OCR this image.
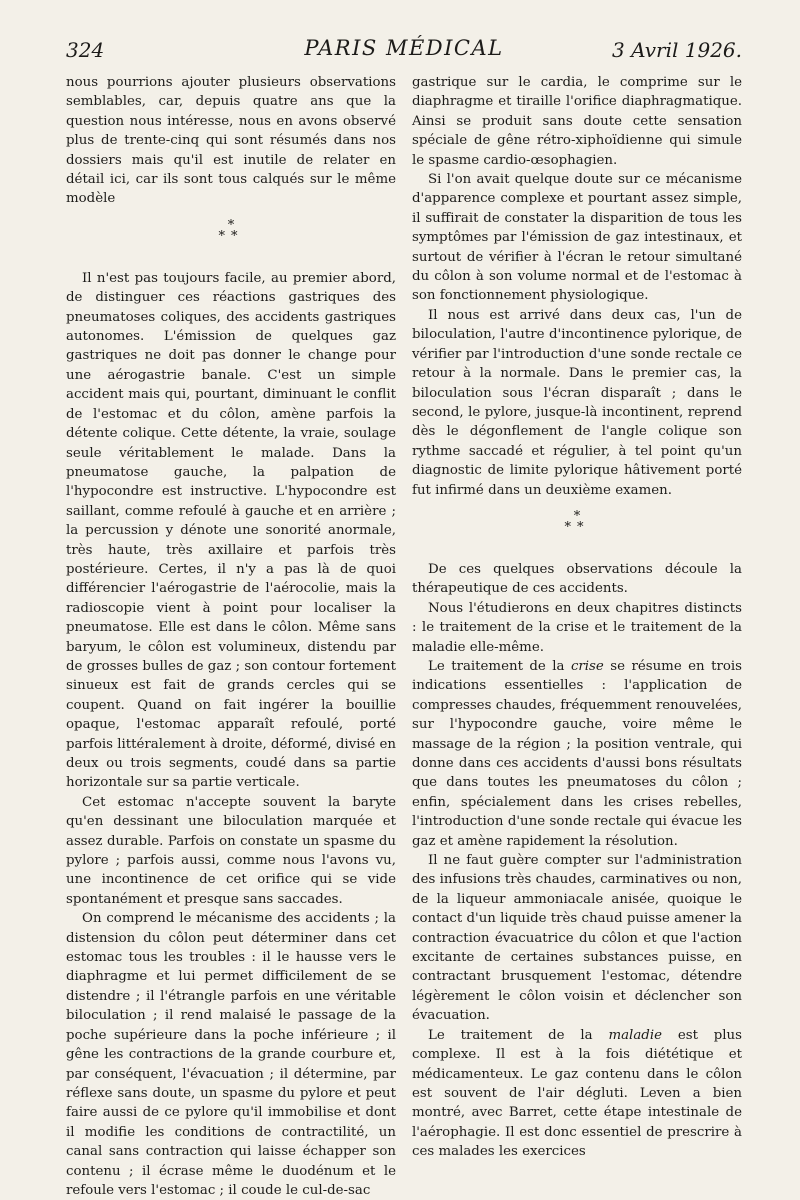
324	PARIS MÉDICAL	3 Avril 1926.

nous pourrions ajouter plusieurs observations semblables, car, depuis quatre ans que la question nous intéresse, nous en avons observé plus de trente-cinq qui sont résumés dans nos dossiers mais qu'il est inutile de relater en détail ici, car ils sont tous calqués sur le même modèle

*
**

Il n'est pas toujours facile, au premier abord, de distinguer ces réactions gastriques des pneumatoses coliques, des accidents gastriques autonomes. L'émission de quelques gaz gastriques ne doit pas donner le change pour une aérogastrie banale. C'est un simple accident mais qui, pourtant, diminuant le conflit de l'estomac et du côlon, amène parfois la détente colique. Cette détente, la vraie, soulage seule véritablement le malade. Dans la pneumatose gauche, la palpation de l'hypocondre est instructive. L'hypocondre est saillant, comme refoulé à gauche et en arrière ; la percussion y dénote une sonorité anormale, très haute, très axillaire et parfois très postérieure. Certes, il n'y a pas là de quoi différencier l'aérogastrie de l'aérocolie, mais la radioscopie vient à point pour localiser la pneumatose. Elle est dans le côlon. Même sans baryum, le côlon est volumineux, distendu par de grosses bulles de gaz ; son contour fortement sinueux est fait de grands cercles qui se coupent. Quand on fait ingérer la bouillie opaque, l'estomac apparaît refoulé, porté parfois littéralement à droite, déformé, divisé en deux ou trois segments, coudé dans sa partie horizontale sur sa partie verticale.

Cet estomac n'accepte souvent la baryte qu'en dessinant une biloculation marquée et assez durable. Parfois on constate un spasme du pylore ; parfois aussi, comme nous l'avons vu, une incontinence de cet orifice qui se vide spontanément et presque sans saccades.

On comprend le mécanisme des accidents ; la distension du côlon peut déterminer dans cet estomac tous les troubles : il le hausse vers le diaphragme et lui permet difficilement de se distendre ; il l'étrangle parfois en une véritable biloculation ; il rend malaisé le passage de la poche supérieure dans la poche inférieure ; il gêne les contractions de la grande courbure et, par conséquent, l'évacuation ; il détermine, par réflexe sans doute, un spasme du pylore et peut faire aussi de ce pylore qu'il immobilise et dont il modifie les conditions de contractilité, un canal sans contraction qui laisse échapper son contenu ; il écrase même le duodénum et le refoule vers l'estomac ; il coude le cul-de-sac

gastrique sur le cardia, le comprime sur le diaphragme et tiraille l'orifice diaphragmatique. Ainsi se produit sans doute cette sensation spéciale de gêne rétro-xiphoïdienne qui simule le spasme cardio-œsophagien.

Si l'on avait quelque doute sur ce mécanisme d'apparence complexe et pourtant assez simple, il suffirait de constater la disparition de tous les symptômes par l'émission de gaz intestinaux, et surtout de vérifier à l'écran le retour simultané du côlon à son volume normal et de l'estomac à son fonctionnement physiologique.

Il nous est arrivé dans deux cas, l'un de biloculation, l'autre d'incontinence pylorique, de vérifier par l'introduction d'une sonde rectale ce retour à la normale. Dans le premier cas, la biloculation sous l'écran disparaît ; dans le second, le pylore, jusque-là incontinent, reprend dès le dégonflement de l'angle colique son rythme saccadé et régulier, à tel point qu'un diagnostic de limite pylorique hâtivement porté fut infirmé dans un deuxième examen.

*
**

De ces quelques observations découle la thérapeutique de ces accidents.

Nous l'étudierons en deux chapitres distincts : le traitement de la crise et le traitement de la maladie elle-même.

Le traitement de la crise se résume en trois indications essentielles : l'application de compresses chaudes, fréquemment renouvelées, sur l'hypocondre gauche, voire même le massage de la région ; la position ventrale, qui donne dans ces accidents d'aussi bons résultats que dans toutes les pneumatoses du côlon ; enfin, spécialement dans les crises rebelles, l'introduction d'une sonde rectale qui évacue les gaz et amène rapidement la résolution.

Il ne faut guère compter sur l'administration des infusions très chaudes, carminatives ou non, de la liqueur ammoniacale anisée, quoique le contact d'un liquide très chaud puisse amener la contraction évacuatrice du côlon et que l'action excitante de certaines substances puisse, en contractant brusquement l'estomac, détendre légèrement le côlon voisin et déclencher son évacuation.

Le traitement de la maladie est plus complexe. Il est à la fois diététique et médicamenteux. Le gaz contenu dans le côlon est souvent de l'air dégluti. Leven a bien montré, avec Barret, cette étape intestinale de l'aérophagie. Il est donc essentiel de prescrire à ces malades les exercices
